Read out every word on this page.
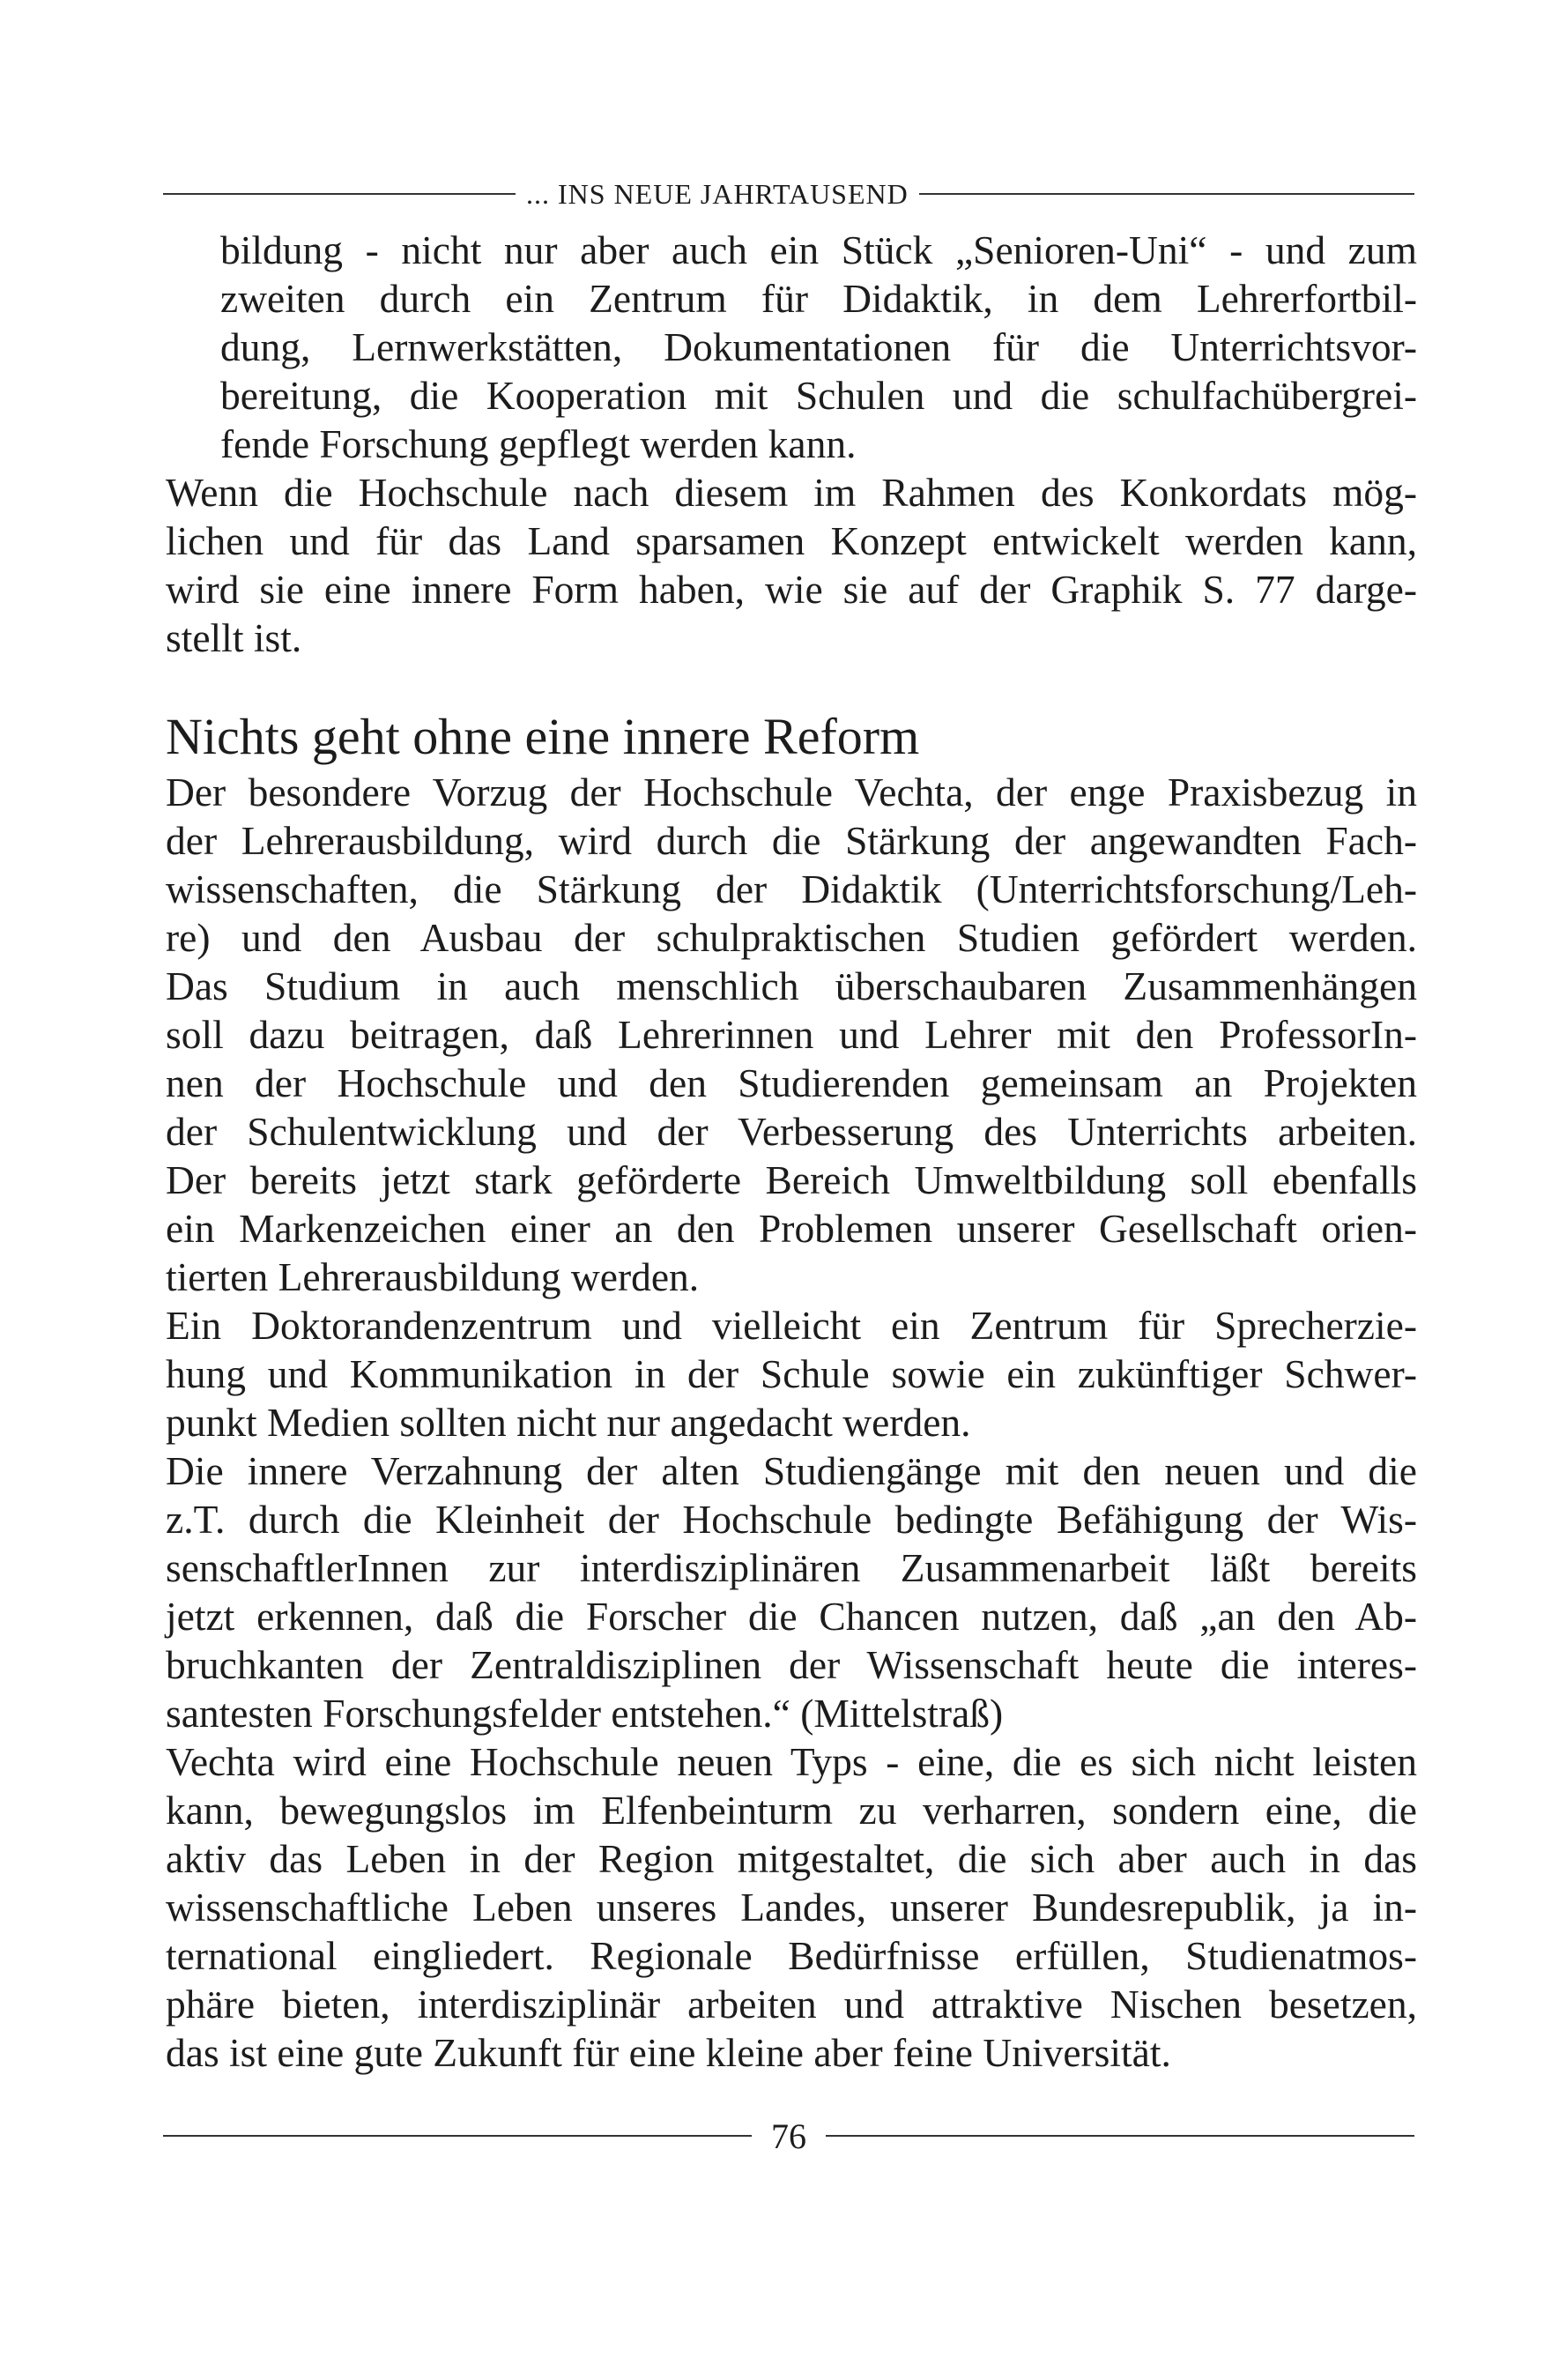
... INS NEUE JAHRTAUSEND
bildung - nicht nur aber auch ein Stück „Senioren-Uni“ - und zum
zweiten durch ein Zentrum für Didaktik, in dem Lehrerfortbil-
dung, Lernwerkstätten, Dokumentationen für die Unterrichtsvor-
bereitung, die Kooperation mit Schulen und die schulfachübergrei-
fende Forschung gepflegt werden kann.
Wenn die Hochschule nach diesem im Rahmen des Konkordats mög-
lichen und für das Land sparsamen Konzept entwickelt werden kann,
wird sie eine innere Form haben, wie sie auf der Graphik S. 77 darge-
stellt ist.
Nichts geht ohne eine innere Reform
Der besondere Vorzug der Hochschule Vechta, der enge Praxisbezug in
der Lehrerausbildung, wird durch die Stärkung der angewandten Fach-
wissenschaften, die Stärkung der Didaktik (Unterrichtsforschung/Leh-
re) und den Ausbau der schulpraktischen Studien gefördert werden.
Das Studium in auch menschlich überschaubaren Zusammenhängen
soll dazu beitragen, daß Lehrerinnen und Lehrer mit den ProfessorIn-
nen der Hochschule und den Studierenden gemeinsam an Projekten
der Schulentwicklung und der Verbesserung des Unterrichts arbeiten.
Der bereits jetzt stark geförderte Bereich Umweltbildung soll ebenfalls
ein Markenzeichen einer an den Problemen unserer Gesellschaft orien-
tierten Lehrerausbildung werden.
Ein Doktorandenzentrum und vielleicht ein Zentrum für Sprecherzie-
hung und Kommunikation in der Schule sowie ein zukünftiger Schwer-
punkt Medien sollten nicht nur angedacht werden.
Die innere Verzahnung der alten Studiengänge mit den neuen und die
z.T. durch die Kleinheit der Hochschule bedingte Befähigung der Wis-
senschaftlerInnen zur interdisziplinären Zusammenarbeit läßt bereits
jetzt erkennen, daß die Forscher die Chancen nutzen, daß „an den Ab-
bruchkanten der Zentraldisziplinen der Wissenschaft heute die interes-
santesten Forschungsfelder entstehen.“ (Mittelstraß)
Vechta wird eine Hochschule neuen Typs - eine, die es sich nicht leisten
kann, bewegungslos im Elfenbeinturm zu verharren, sondern eine, die
aktiv das Leben in der Region mitgestaltet, die sich aber auch in das
wissenschaftliche Leben unseres Landes, unserer Bundesrepublik, ja in-
ternational eingliedert. Regionale Bedürfnisse erfüllen, Studienatmos-
phäre bieten, interdisziplinär arbeiten und attraktive Nischen besetzen,
das ist eine gute Zukunft für eine kleine aber feine Universität.
76
